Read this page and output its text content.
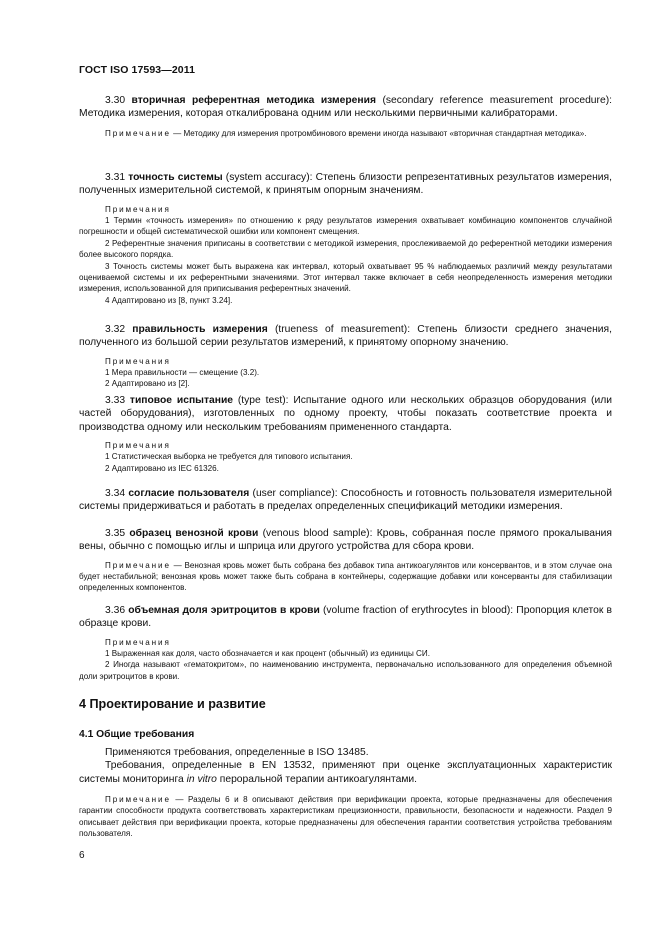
ГОСТ ISO 17593—2011

3.30 вторичная референтная методика измерения (secondary reference measurement procedure): Методика измерения, которая откалибрована одним или несколькими первичными калибраторами.

Примечание — Методику для измерения протромбинового времени иногда называют «вторичная стандартная методика».

3.31 точность системы (system accuracy): Степень близости репрезентативных результатов измерения, полученных измерительной системой, к принятым опорным значениям.

Примечания

1 Термин «точность измерения» по отношению к ряду результатов измерения охватывает комбинацию компонентов случайной погрешности и общей систематической ошибки или компонент смещения.

2 Референтные значения приписаны в соответствии с методикой измерения, прослеживаемой до референтной методики измерения более высокого порядка.

3 Точность системы может быть выражена как интервал, который охватывает 95 % наблюдаемых различий между результатами оцениваемой системы и их референтными значениями. Этот интервал также включает в себя неопределенность измерения методики измерения, использованной для приписывания референтных значений.

4 Адаптировано из [8, пункт 3.24].

3.32 правильность измерения (trueness of measurement): Степень близости среднего значения, полученного из большой серии результатов измерений, к принятому опорному значению.

Примечания

1 Мера правильности — смещение (3.2).

2 Адаптировано из [2].

3.33 типовое испытание (type test): Испытание одного или нескольких образцов оборудования (или частей оборудования), изготовленных по одному проекту, чтобы показать соответствие проекта и производства одному или нескольким требованиям примененного стандарта.

Примечания

1 Статистическая выборка не требуется для типового испытания.

2 Адаптировано из IEC 61326.

3.34 согласие пользователя (user compliance): Способность и готовность пользователя измерительной системы придерживаться и работать в пределах определенных спецификаций методики измерения.

3.35 образец венозной крови (venous blood sample): Кровь, собранная после прямого прокалывания вены, обычно с помощью иглы и шприца или другого устройства для сбора крови.

Примечание — Венозная кровь может быть собрана без добавок типа антикоагулянтов или консервантов, и в этом случае она будет нестабильной; венозная кровь может также быть собрана в контейнеры, содержащие добавки или консерванты для стабилизации определенных компонентов.

3.36 объемная доля эритроцитов в крови (volume fraction of erythrocytes in blood): Пропорция клеток в образце крови.

Примечания

1 Выраженная как доля, часто обозначается и как процент (обычный) из единицы СИ.

2 Иногда называют «гематокритом», по наименованию инструмента, первоначально использованного для определения объемной доли эритроцитов в крови.

4 Проектирование и развитие
4.1 Общие требования

Применяются требования, определенные в ISO 13485.

Требования, определенные в EN 13532, применяют при оценке эксплуатационных характеристик системы мониторинга in vitro пероральной терапии антикоагулянтами.

Примечание — Разделы 6 и 8 описывают действия при верификации проекта, которые предназначены для обеспечения гарантии способности продукта соответствовать характеристикам прецизионности, правильности, безопасности и надежности. Раздел 9 описывает действия при верификации проекта, которые предназначены для обеспечения гарантии соответствия устройства требованиям пользователя.

6
